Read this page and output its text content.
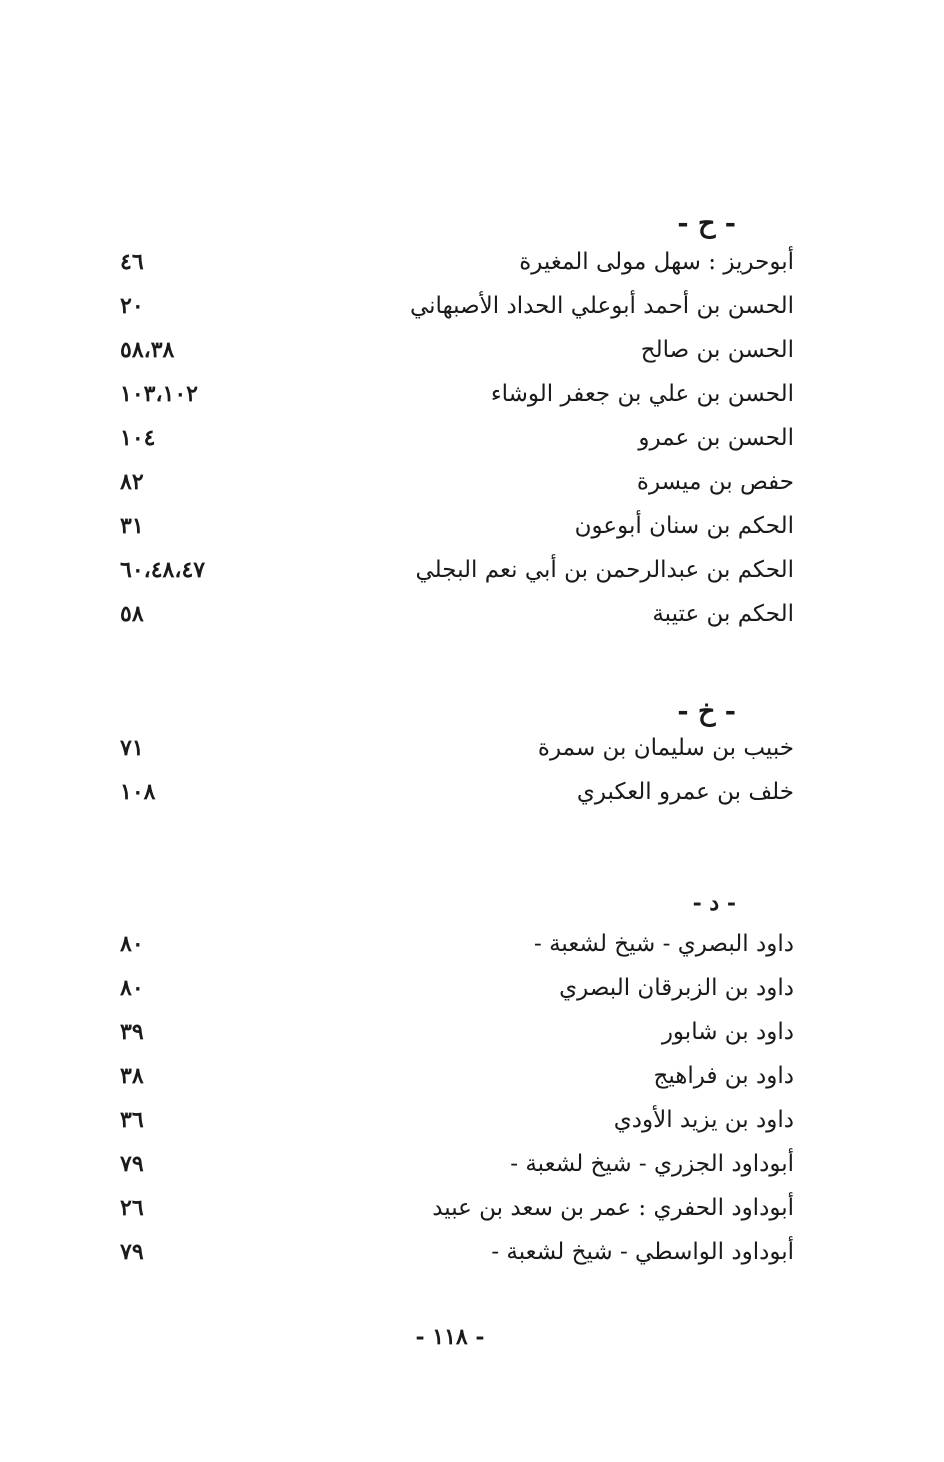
- ح -
أبوحريز : سهل مولى المغيرة
٤٦
الحسن بن أحمد أبوعلي الحداد الأصبهاني
٢٠
الحسن بن صالح
٥٨،٣٨
الحسن بن علي بن جعفر الوشاء
١٠٣،١٠٢
الحسن بن عمرو
١٠٤
حفص بن ميسرة
٨٢
الحكم بن سنان أبوعون
٣١
الحكم بن عبدالرحمن بن أبي نعم البجلي
٦٠،٤٨،٤٧
الحكم بن عتيبة
٥٨
- خ -
خبيب بن سليمان بن سمرة
٧١
خلف بن عمرو العكبري
١٠٨
- د -
داود البصري - شيخ لشعبة -
٨٠
داود بن الزبرقان البصري
٨٠
داود بن شابور
٣٩
داود بن فراهيج
٣٨
داود بن يزيد الأودي
٣٦
أبوداود الجزري - شيخ لشعبة -
٧٩
أبوداود الحفري : عمر بن سعد بن عبيد
٢٦
أبوداود الواسطي - شيخ لشعبة -
٧٩
- ١١٨ -
